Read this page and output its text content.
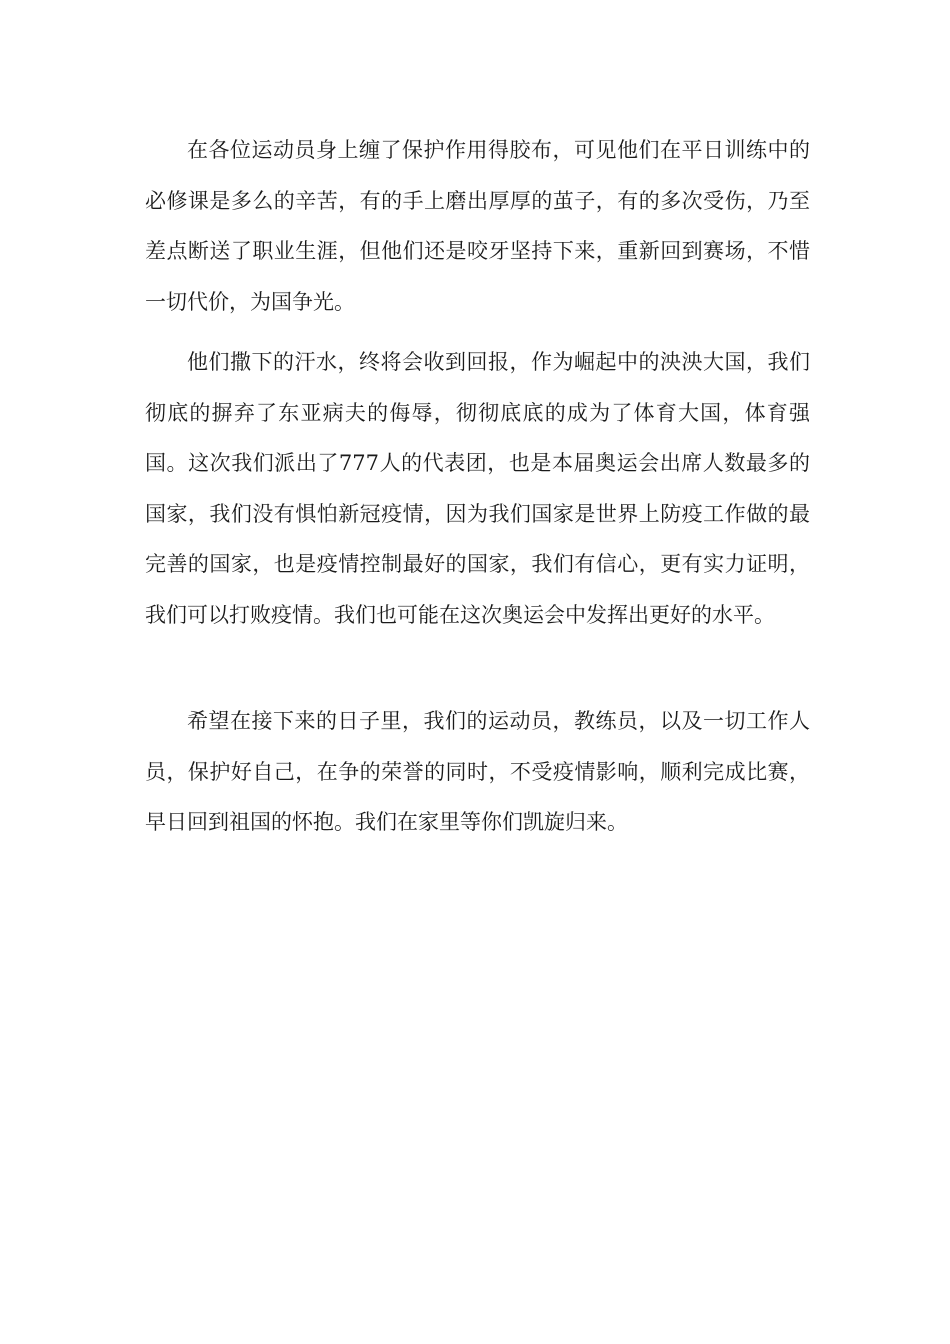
在各位运动员身上缠了保护作用得胶布，可见他们在平日训练中的必修课是多么的辛苦，有的手上磨出厚厚的茧子，有的多次受伤，乃至差点断送了职业生涯，但他们还是咬牙坚持下来，重新回到赛场，不惜一切代价，为国争光。

他们撒下的汗水，终将会收到回报，作为崛起中的泱泱大国，我们彻底的摒弃了东亚病夫的侮辱，彻彻底底的成为了体育大国，体育强国。这次我们派出了777人的代表团，也是本届奥运会出席人数最多的国家，我们没有惧怕新冠疫情，因为我们国家是世界上防疫工作做的最完善的国家，也是疫情控制最好的国家，我们有信心，更有实力证明，我们可以打败疫情。我们也可能在这次奥运会中发挥出更好的水平。

希望在接下来的日子里，我们的运动员，教练员，以及一切工作人员，保护好自己，在争的荣誉的同时，不受疫情影响，顺利完成比赛，早日回到祖国的怀抱。我们在家里等你们凯旋归来。
